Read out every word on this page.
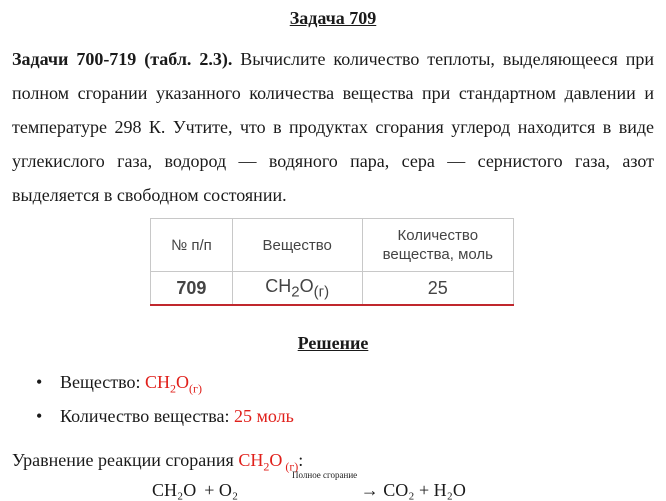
Задача 709

Задачи 700-719 (табл. 2.3). Вычислите количество теплоты, выделяющееся при полном сгорании указанного количества вещества при стандартном давлении и температуре 298 К. Учтите, что в продуктах сгорания углерод находится в виде углекислого газа, водород — водяного пара, сера — сернистого газа, азот выделяется в свободном состоянии.

№ п/п	Вещество	Количество вещества, моль
709	$CH_2O_{(г)}$	25
Решение
• Вещество: $CH_2O_{(г)}$
• Количество вещества: 25 моль
Уравнение реакции сгорания $CH_2O$ $_{(г)}$:
CH₂O + O₂
Полное сгорание
→ CO₂ + H₂O
